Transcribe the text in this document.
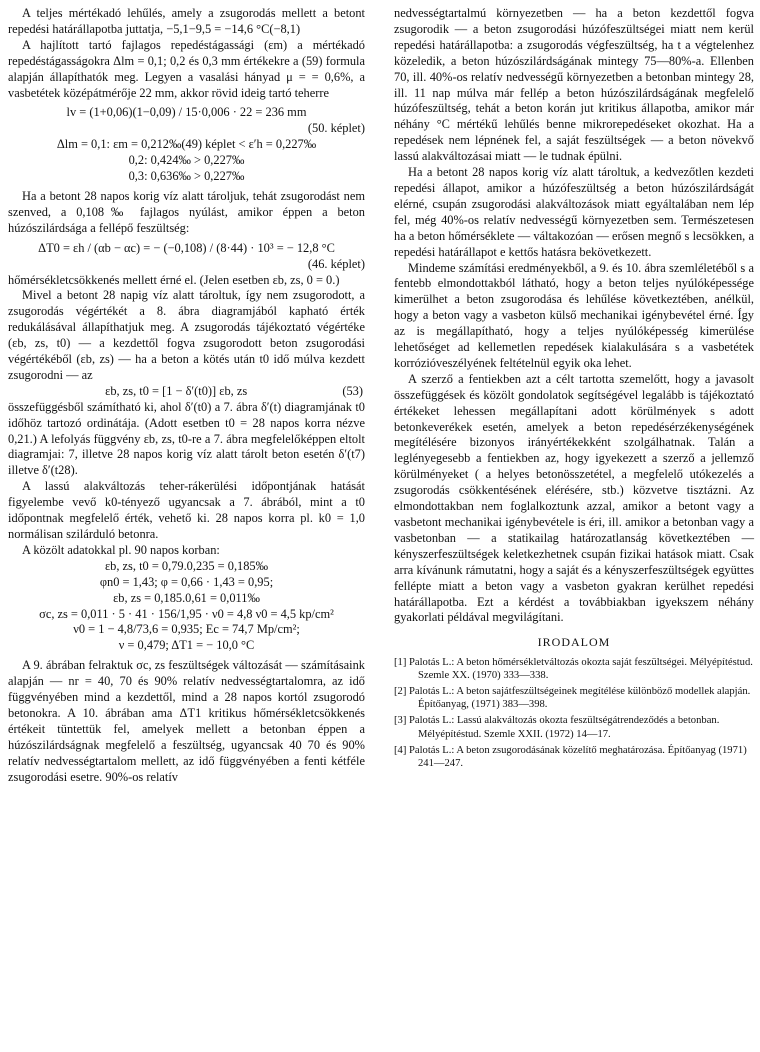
A teljes mértékadó lehűlés, amely a zsugorodás mellett a betont repedési határállapotba juttatja, −5,1−9,5 = −14,6 °C(−8,1)

A hajlított tartó fajlagos repedéstágassági (εm) a mértékadó repedéstágasságokra Δlm = 0,1; 0,2 és 0,3 mm értékekre a (59) formula alapján állapíthatók meg. Legyen a vasalási hányad μ = = 0,6%, a vasbetétek középátmérője 22 mm, akkor rövid ideig tartó teherre

lv = (1+0,06)(1−0,09) / 15·0,006 · 22 = 236 mm
(50. képlet)
Δlm = 0,1: εm = 0,212‰(49) képlet < ε′h = 0,227‰
0,2: 0,424‰ > 0,227‰
0,3: 0,636‰ > 0,227‰

Ha a betont 28 napos korig víz alatt tároljuk, tehát zsugorodást nem szenved, a 0,108‰ fajlagos nyúlást, amikor éppen a beton húzószilárdsága a fellépő feszültség:

ΔT0 = εh / (αb − αc) = − (−0,108) / (8·44) · 10³ = − 12,8 °C
(46. képlet)

hőmérsékletcsökkenés mellett érné el. (Jelen esetben εb, zs, 0 = 0.)

Mivel a betont 28 napig víz alatt tároltuk, így nem zsugorodott, a zsugorodás végértékét a 8. ábra diagramjából kapható érték redukálásával állapíthatjuk meg. A zsugorodás tájékoztató végértéke (εb, zs, t0) — a kezdettől fogva zsugorodott beton zsugorodási végértékéből (εb, zs) — ha a beton a kötés után t0 idő múlva kezdett zsugorodni — az

εb, zs, t0 = [1 − δ′(t0)] εb, zs	(53)

összefüggésből számítható ki, ahol δ′(t0) a 7. ábra δ′(t) diagramjának t0 időhöz tartozó ordinátája. (Adott esetben t0 = 28 napos korra nézve 0,21.) A lefolyás függvény εb, zs, t0-re a 7. ábra megfelelőképpen eltolt diagramjai: 7, illetve 28 napos korig víz alatt tárolt beton esetén δ′(t7) illetve δ′(t28).

A lassú alakváltozás teher-rákerülési időpontjának hatását figyelembe vevő k0-tényező ugyancsak a 7. ábrából, mint a t0 időpontnak megfelelő érték, vehető ki. 28 napos korra pl. k0 = 1,0 normálisan szilárduló betonra.

A közölt adatokkal pl. 90 napos korban:

εb, zs, t0 = 0,79.0,235 = 0,185‰
φn0 = 1,43; φ = 0,66 · 1,43 = 0,95;
εb, zs = 0,185.0,61 = 0,011‰
σc, zs = 0,011 · 5 · 41 · 156/1,95 · ν0 = 4,8 ν0 = 4,5 kp/cm²
ν0 = 1 − 4,8/73,6 = 0,935; Ec = 74,7 Mp/cm²;
ν = 0,479; ΔT1 = − 10,0 °C

A 9. ábrában felraktuk σc, zs feszültségek változását — számításaink alapján — nr = 40, 70 és 90% relatív nedvességtartalomra, az idő függvényében mind a kezdettől, mind a 28 napos kortól zsugorodó betonokra. A 10. ábrában ama ΔT1 kritikus hőmérsékletcsökkenés értékeit tüntettük fel, amelyek mellett a betonban éppen a húzószilárdságnak megfelelő a feszültség, ugyancsak 40 70 és 90% relatív nedvességtartalom mellett, az idő függvényében a fenti kétféle zsugorodási esetre. 90%-os relatív

nedvességtartalmú környezetben — ha a beton kezdettől fogva zsugorodik — a beton zsugorodási húzófeszültségei miatt nem kerül repedési határállapotba: a zsugorodás végfeszültség, ha t a végtelenhez közeledik, a beton húzószilárdságának mintegy 75—80%-a. Ellenben 70, ill. 40%-os relatív nedvességű környezetben a betonban mintegy 28, ill. 11 nap múlva már fellép a beton húzószilárdságának megfelelő húzófeszültség, tehát a beton korán jut kritikus állapotba, amikor már néhány °C mértékű lehűlés benne mikrorepedéseket okozhat. Ha a repedések nem lépnének fel, a saját feszültségek — a beton növekvő lassú alakváltozásai miatt — le tudnak épülni.

Ha a betont 28 napos korig víz alatt tároltuk, a kedvezőtlen kezdeti repedési állapot, amikor a húzófeszültség a beton húzószilárdságát elérné, csupán zsugorodási alakváltozások miatt egyáltalában nem lép fel, még 40%-os relatív nedvességű környezetben sem. Természetesen ha a beton hőmérséklete — váltakozóan — erősen megnő s lecsökken, a repedési határállapot e kettős hatásra bekövetkezett.

Mindeme számítási eredményekből, a 9. és 10. ábra szemléletéből s a fentebb elmondottakból látható, hogy a beton teljes nyúlóképessége kimerülhet a beton zsugorodása és lehűlése következtében, anélkül, hogy a beton vagy a vasbeton külső mechanikai igénybevétel érné. Így az is megállapítható, hogy a teljes nyúlóképesség kimerülése lehetőséget ad kellemetlen repedések kialakulására s a vasbetétek korrózióveszélyének feltételnül egyik oka lehet.

A szerző a fentiekben azt a célt tartotta szemelőtt, hogy a javasolt összefüggések és közölt gondolatok segítségével legalább is tájékoztató értékeket lehessen megállapítani adott körülmények s adott betonkeverékek esetén, amelyek a beton repedésérzékenységének megítélésére bizonyos irányértékekként szolgálhatnak. Talán a leglényegesebb a fentiekben az, hogy igyekezett a szerző a jellemző körülményeket ( a helyes betonösszetétel, a megfelelő utókezelés a zsugorodás csökkentésének elérésére, stb.) közvetve tisztázni. Az elmondottakban nem foglalkoztunk azzal, amikor a betont vagy a vasbetont mechanikai igénybevétele is éri, ill. amikor a betonban vagy a vasbetonban — a statikailag határozatlanság következtében — kényszerfeszültségek keletkezhetnek csupán fizikai hatások miatt. Csak arra kívánunk rámutatni, hogy a saját és a kényszerfeszültségek együttes fellépte miatt a beton vagy a vasbeton gyakran kerülhet repedési határállapotba. Ezt a kérdést a továbbiakban igyekszem néhány gyakorlati példával megvilágítani.

IRODALOM
[1] Palotás L.: A beton hőmérsékletváltozás okozta saját feszültségei. Mélyépítéstud. Szemle XX. (1970) 333—338.
[2] Palotás L.: A beton sajátfeszültségeinek megítélése különböző modellek alapján. Építőanyag, (1971) 383—398.
[3] Palotás L.: Lassú alakváltozás okozta feszültségátrendeződés a betonban. Mélyépítéstud. Szemle XXII. (1972) 14—17.
[4] Palotás L.: A beton zsugorodásának közelítő meghatározása. Építőanyag (1971) 241—247.
